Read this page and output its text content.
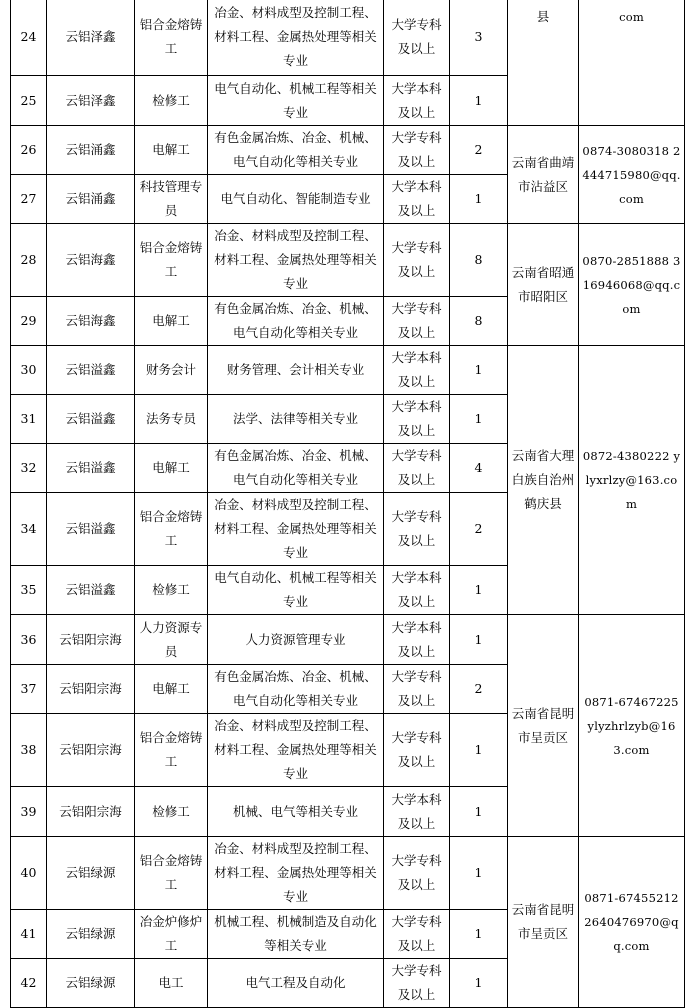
24	云铝泽鑫	铝合金熔铸工	冶金、材料成型及控制工程、材料工程、金属热处理等相关专业	大学专科及以上	3	县	com
25	云铝泽鑫	检修工	电气自动化、机械工程等相关专业	大学本科及以上	1		
26	云铝涌鑫	电解工	有色金属冶炼、冶金、机械、电气自动化等相关专业	大学专科及以上	2	云南省曲靖市沾益区	0874-3080318 2444715980@qq.com
27	云铝涌鑫	科技管理专员	电气自动化、智能制造专业	大学本科及以上	1		
28	云铝海鑫	铝合金熔铸工	冶金、材料成型及控制工程、材料工程、金属热处理等相关专业	大学专科及以上	8	云南省昭通市昭阳区	0870-2851888 316946068@qq.com
29	云铝海鑫	电解工	有色金属冶炼、冶金、机械、电气自动化等相关专业	大学专科及以上	8		
30	云铝溢鑫	财务会计	财务管理、会计相关专业	大学本科及以上	1	云南省大理白族自治州鹤庆县	0872-4380222 ylyxrlzy@163.com
31	云铝溢鑫	法务专员	法学、法律等相关专业	大学本科及以上	1		
32	云铝溢鑫	电解工	有色金属冶炼、冶金、机械、电气自动化等相关专业	大学专科及以上	4		
34	云铝溢鑫	铝合金熔铸工	冶金、材料成型及控制工程、材料工程、金属热处理等相关专业	大学专科及以上	2		
35	云铝溢鑫	检修工	电气自动化、机械工程等相关专业	大学本科及以上	1		
36	云铝阳宗海	人力资源专员	人力资源管理专业	大学本科及以上	1	云南省昆明市呈贡区	0871-67467225 ylyzhrlzyb@163.com
37	云铝阳宗海	电解工	有色金属冶炼、冶金、机械、电气自动化等相关专业	大学专科及以上	2		
38	云铝阳宗海	铝合金熔铸工	冶金、材料成型及控制工程、材料工程、金属热处理等相关专业	大学专科及以上	1		
39	云铝阳宗海	检修工	机械、电气等相关专业	大学本科及以上	1		
40	云铝绿源	铝合金熔铸工	冶金、材料成型及控制工程、材料工程、金属热处理等相关专业	大学专科及以上	1	云南省昆明市呈贡区	0871-67455212 2640476970@qq.com
41	云铝绿源	冶金炉修炉工	机械工程、机械制造及自动化等相关专业	大学专科及以上	1		
42	云铝绿源	电工	电气工程及自动化	大学专科及以上	1		
